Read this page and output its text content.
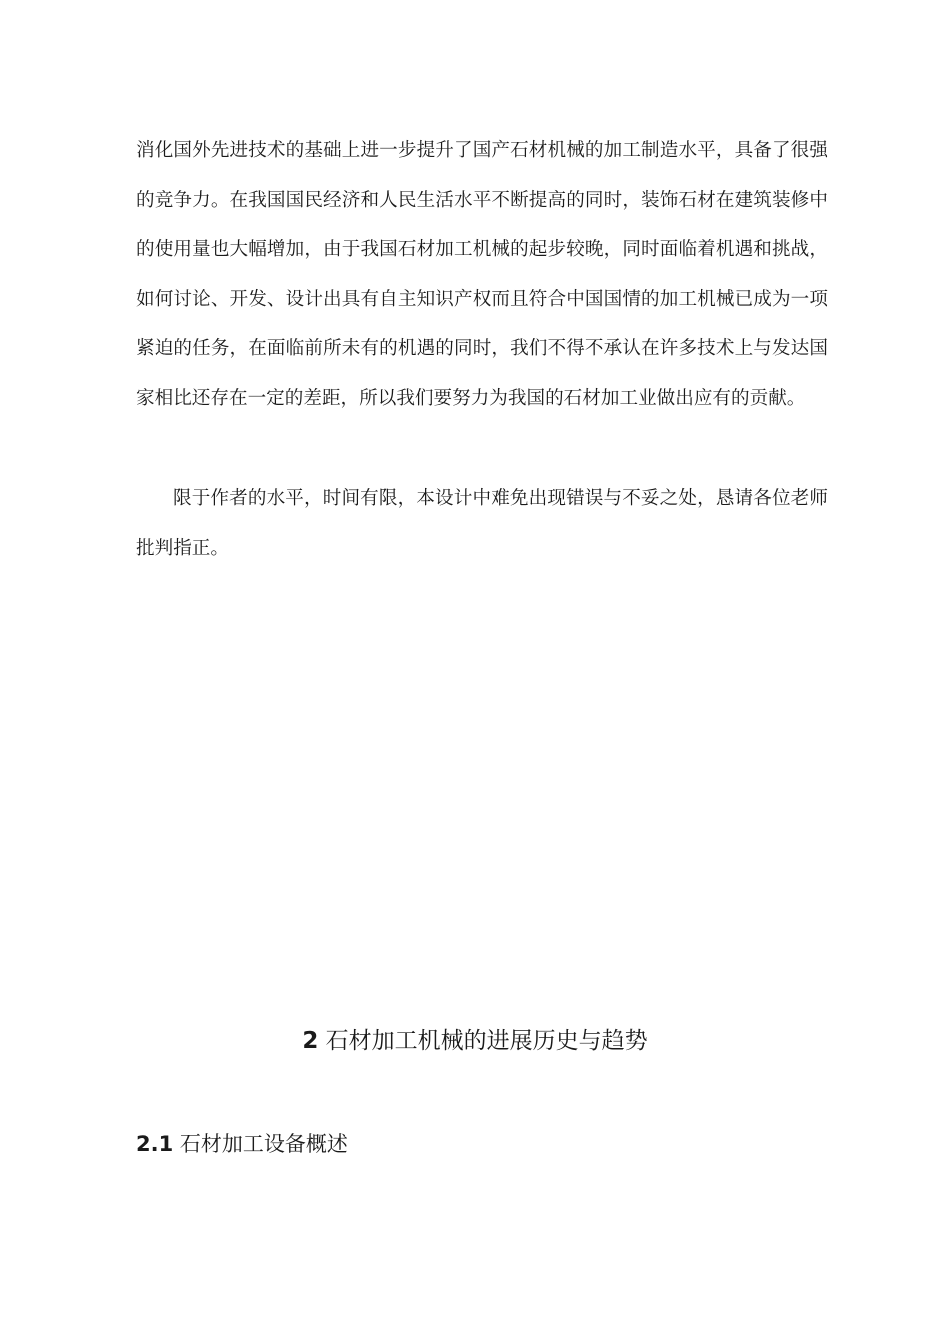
消化国外先进技术的基础上进一步提升了国产石材机械的加工制造水平，具备了很强的竞争力。在我国国民经济和人民生活水平不断提高的同时，装饰石材在建筑装修中的使用量也大幅增加，由于我国石材加工机械的起步较晚，同时面临着机遇和挑战，如何讨论、开发、设计出具有自主知识产权而且符合中国国情的加工机械已成为一项紧迫的任务，在面临前所未有的机遇的同时，我们不得不承认在许多技术上与发达国家相比还存在一定的差距，所以我们要努力为我国的石材加工业做出应有的贡献。

限于作者的水平，时间有限，本设计中难免出现错误与不妥之处，恳请各位老师批判指正。

2 石材加工机械的进展历史与趋势
2.1 石材加工设备概述
